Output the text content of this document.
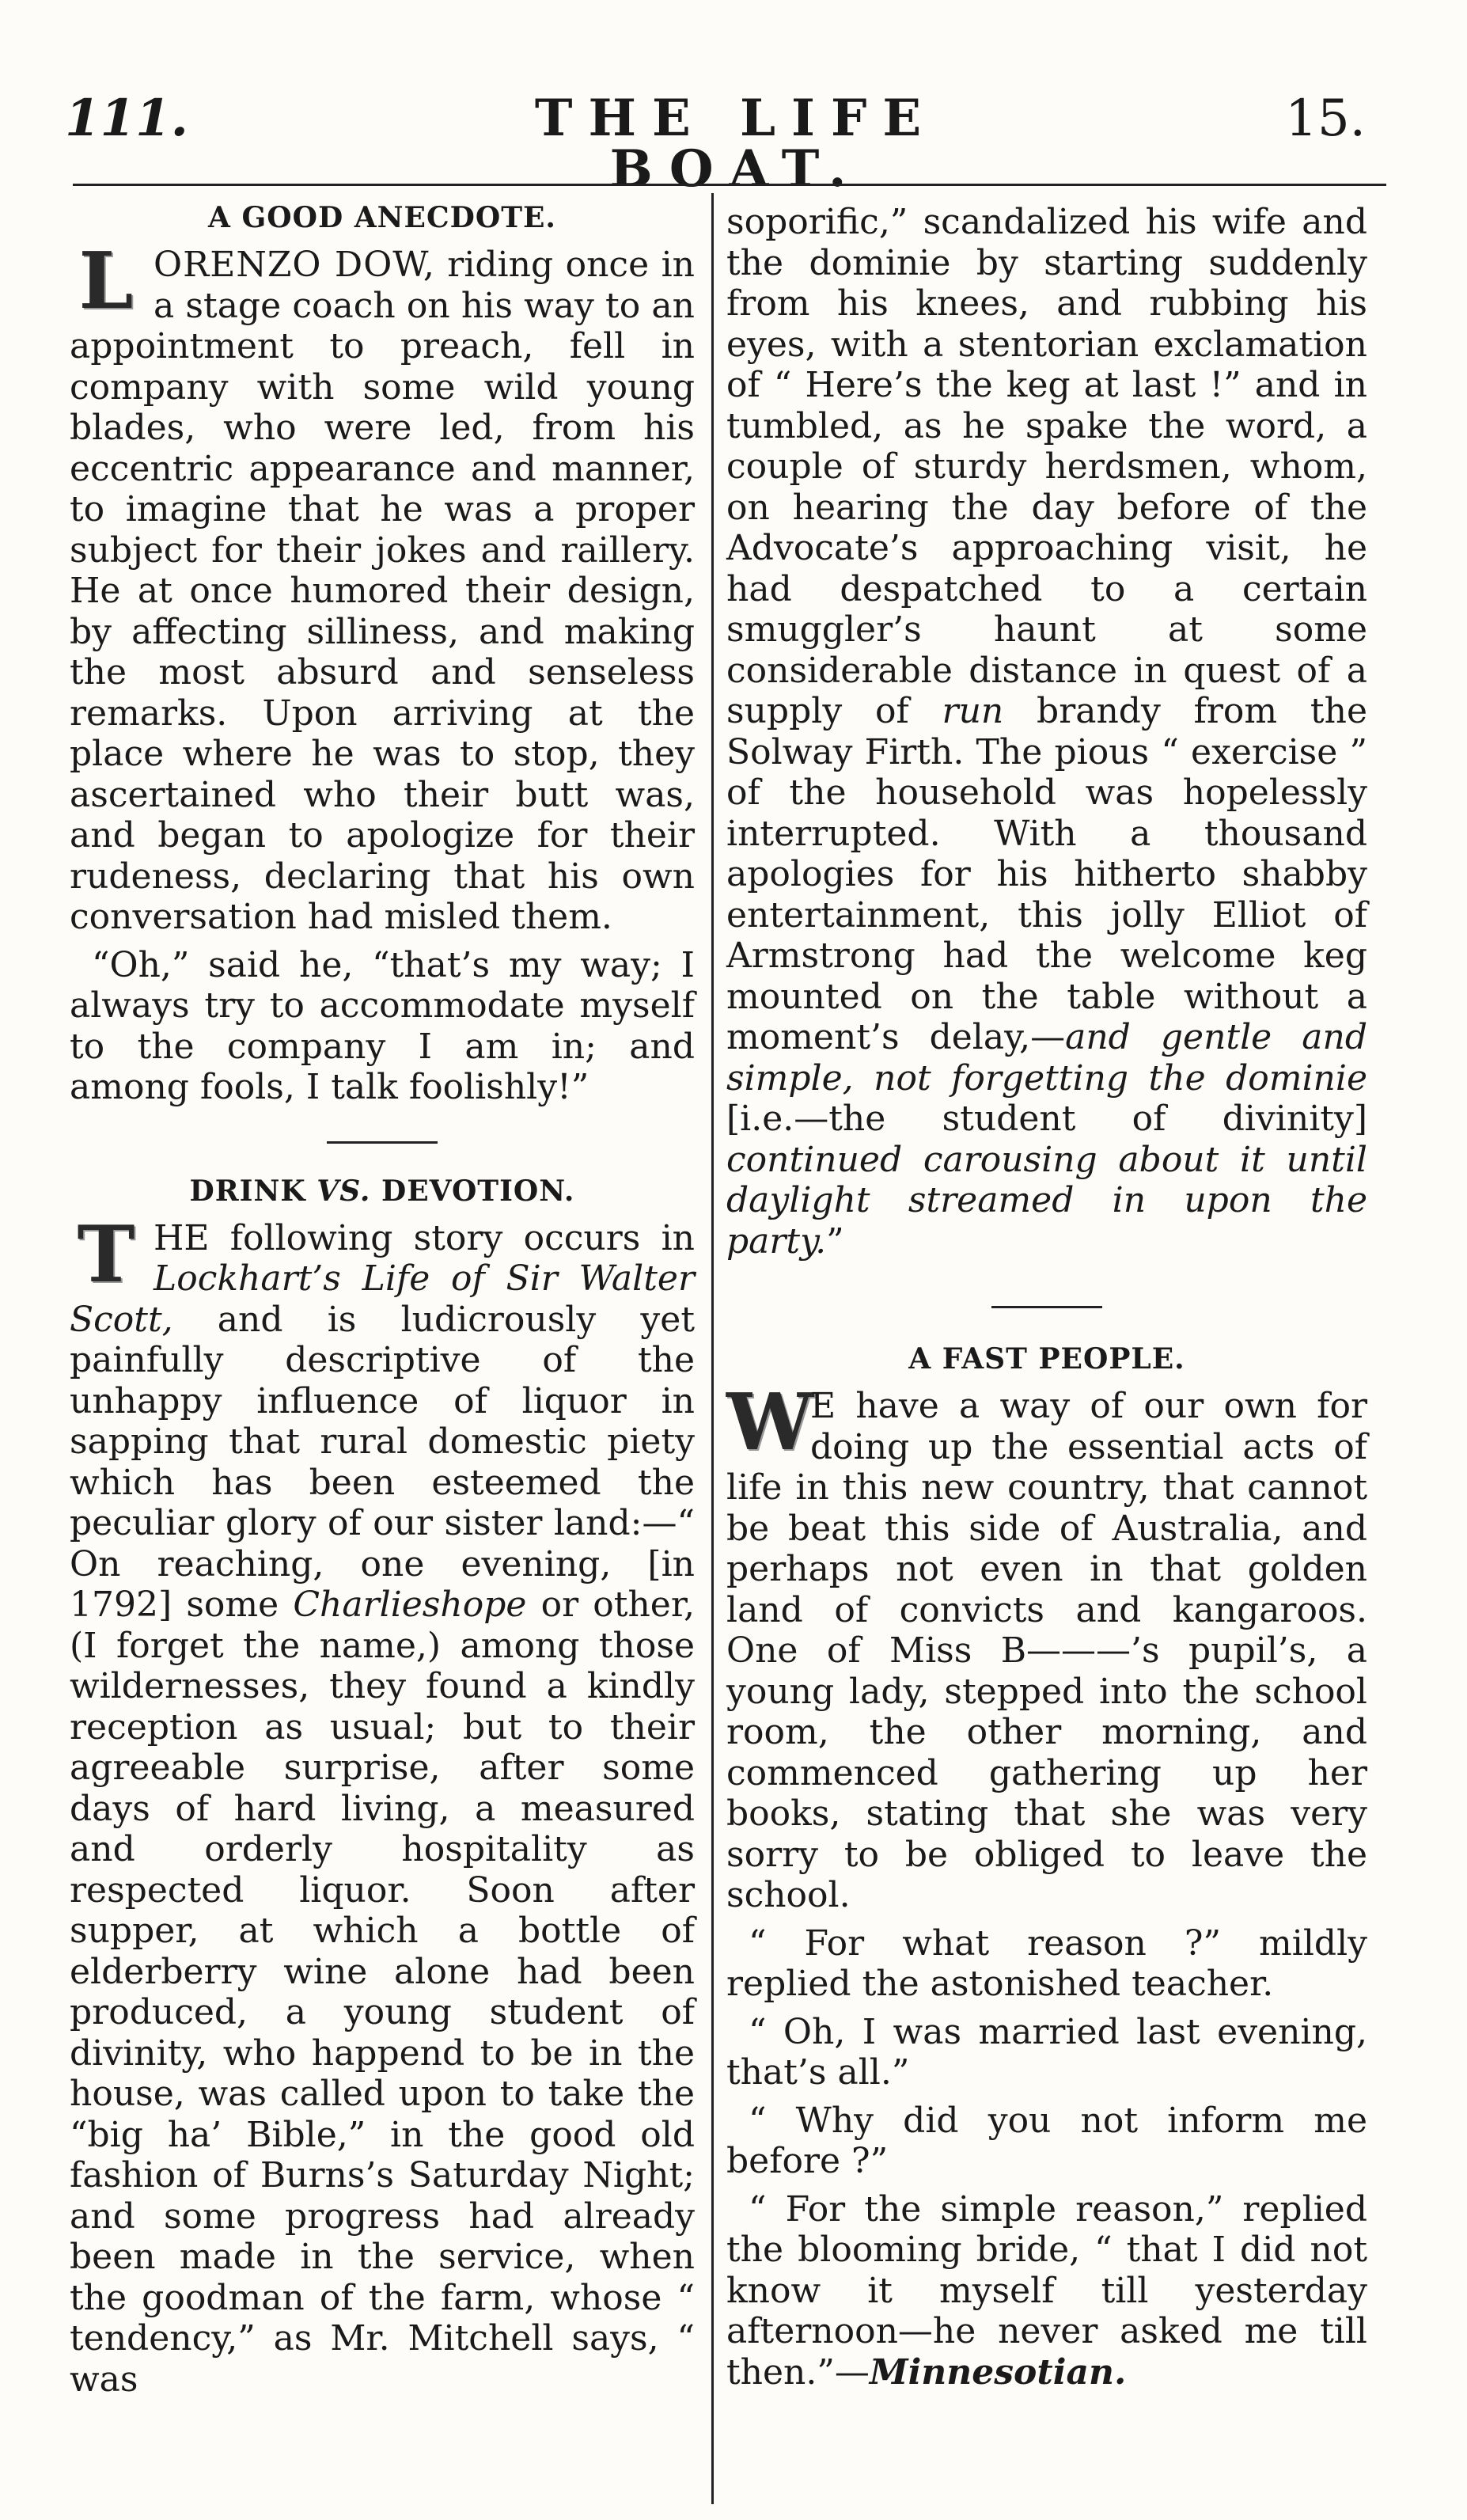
111.	THE LIFE BOAT.
15.
A GOOD ANECDOTE.

L ORENZO DOW, riding once in a stage coach on his way to an appointment to preach, fell in company with some wild young blades, who were led, from his eccentric appearance and manner, to imagine that he was a proper subject for their jokes and raillery. He at once humored their design, by affecting silliness, and making the most absurd and senseless remarks. Upon arriving at the place where he was to stop, they ascertained who their butt was, and began to apologize for their rudeness, declaring that his own conversation had misled them.

“Oh,” said he, “that’s my way; I always try to accommodate myself to the company I am in; and among fools, I talk foolishly!”

DRINK VS. DEVOTION.

T HE following story occurs in Lockhart’s Life of Sir Walter Scott, and is ludicrously yet painfully descriptive of the unhappy influence of liquor in sapping that rural domestic piety which has been esteemed the peculiar glory of our sister land:—“ On reaching, one evening, [in 1792] some Charlieshope or other, (I forget the name,) among those wildernesses, they found a kindly reception as usual; but to their agreeable surprise, after some days of hard living, a measured and orderly hospitality as respected liquor. Soon after supper, at which a bottle of elderberry wine alone had been produced, a young student of divinity, who happend to be in the house, was called upon to take the “big ha’ Bible,” in the good old fashion of Burns’s Saturday Night; and some progress had already been made in the service, when the goodman of the farm, whose “ tendency,” as Mr. Mitchell says, “ was

soporific,” scandalized his wife and the dominie by starting suddenly from his knees, and rubbing his eyes, with a stentorian exclamation of “ Here’s the keg at last !” and in tumbled, as he spake the word, a couple of sturdy herdsmen, whom, on hearing the day before of the Advocate’s approaching visit, he had despatched to a certain smuggler’s haunt at some considerable distance in quest of a supply of run brandy from the Solway Firth. The pious “ exercise ” of the household was hopelessly interrupted. With a thousand apologies for his hitherto shabby entertainment, this jolly Elliot of Armstrong had the welcome keg mounted on the table without a moment’s delay,—and gentle and simple, not forgetting the dominie [i.e.—the student of divinity] continued carousing about it until daylight streamed in upon the party.”

A FAST PEOPLE.

W
E have a way of our own for doing up the essential acts of life in this new country, that cannot be beat this side of Australia, and perhaps not even in that golden land of convicts and kangaroos. One of Miss B———’s pupil’s, a young lady, stepped into the school room, the other morning, and commenced gathering up her books, stating that she was very sorry to be obliged to leave the school.

“ For what reason ?” mildly replied the astonished teacher.

“ Oh, I was married last evening, that’s all.”

“ Why did you not inform me before ?”

“ For the simple reason,” replied the blooming bride, “ that I did not know it myself till yesterday afternoon—he never asked me till then.”—Minnesotian.
